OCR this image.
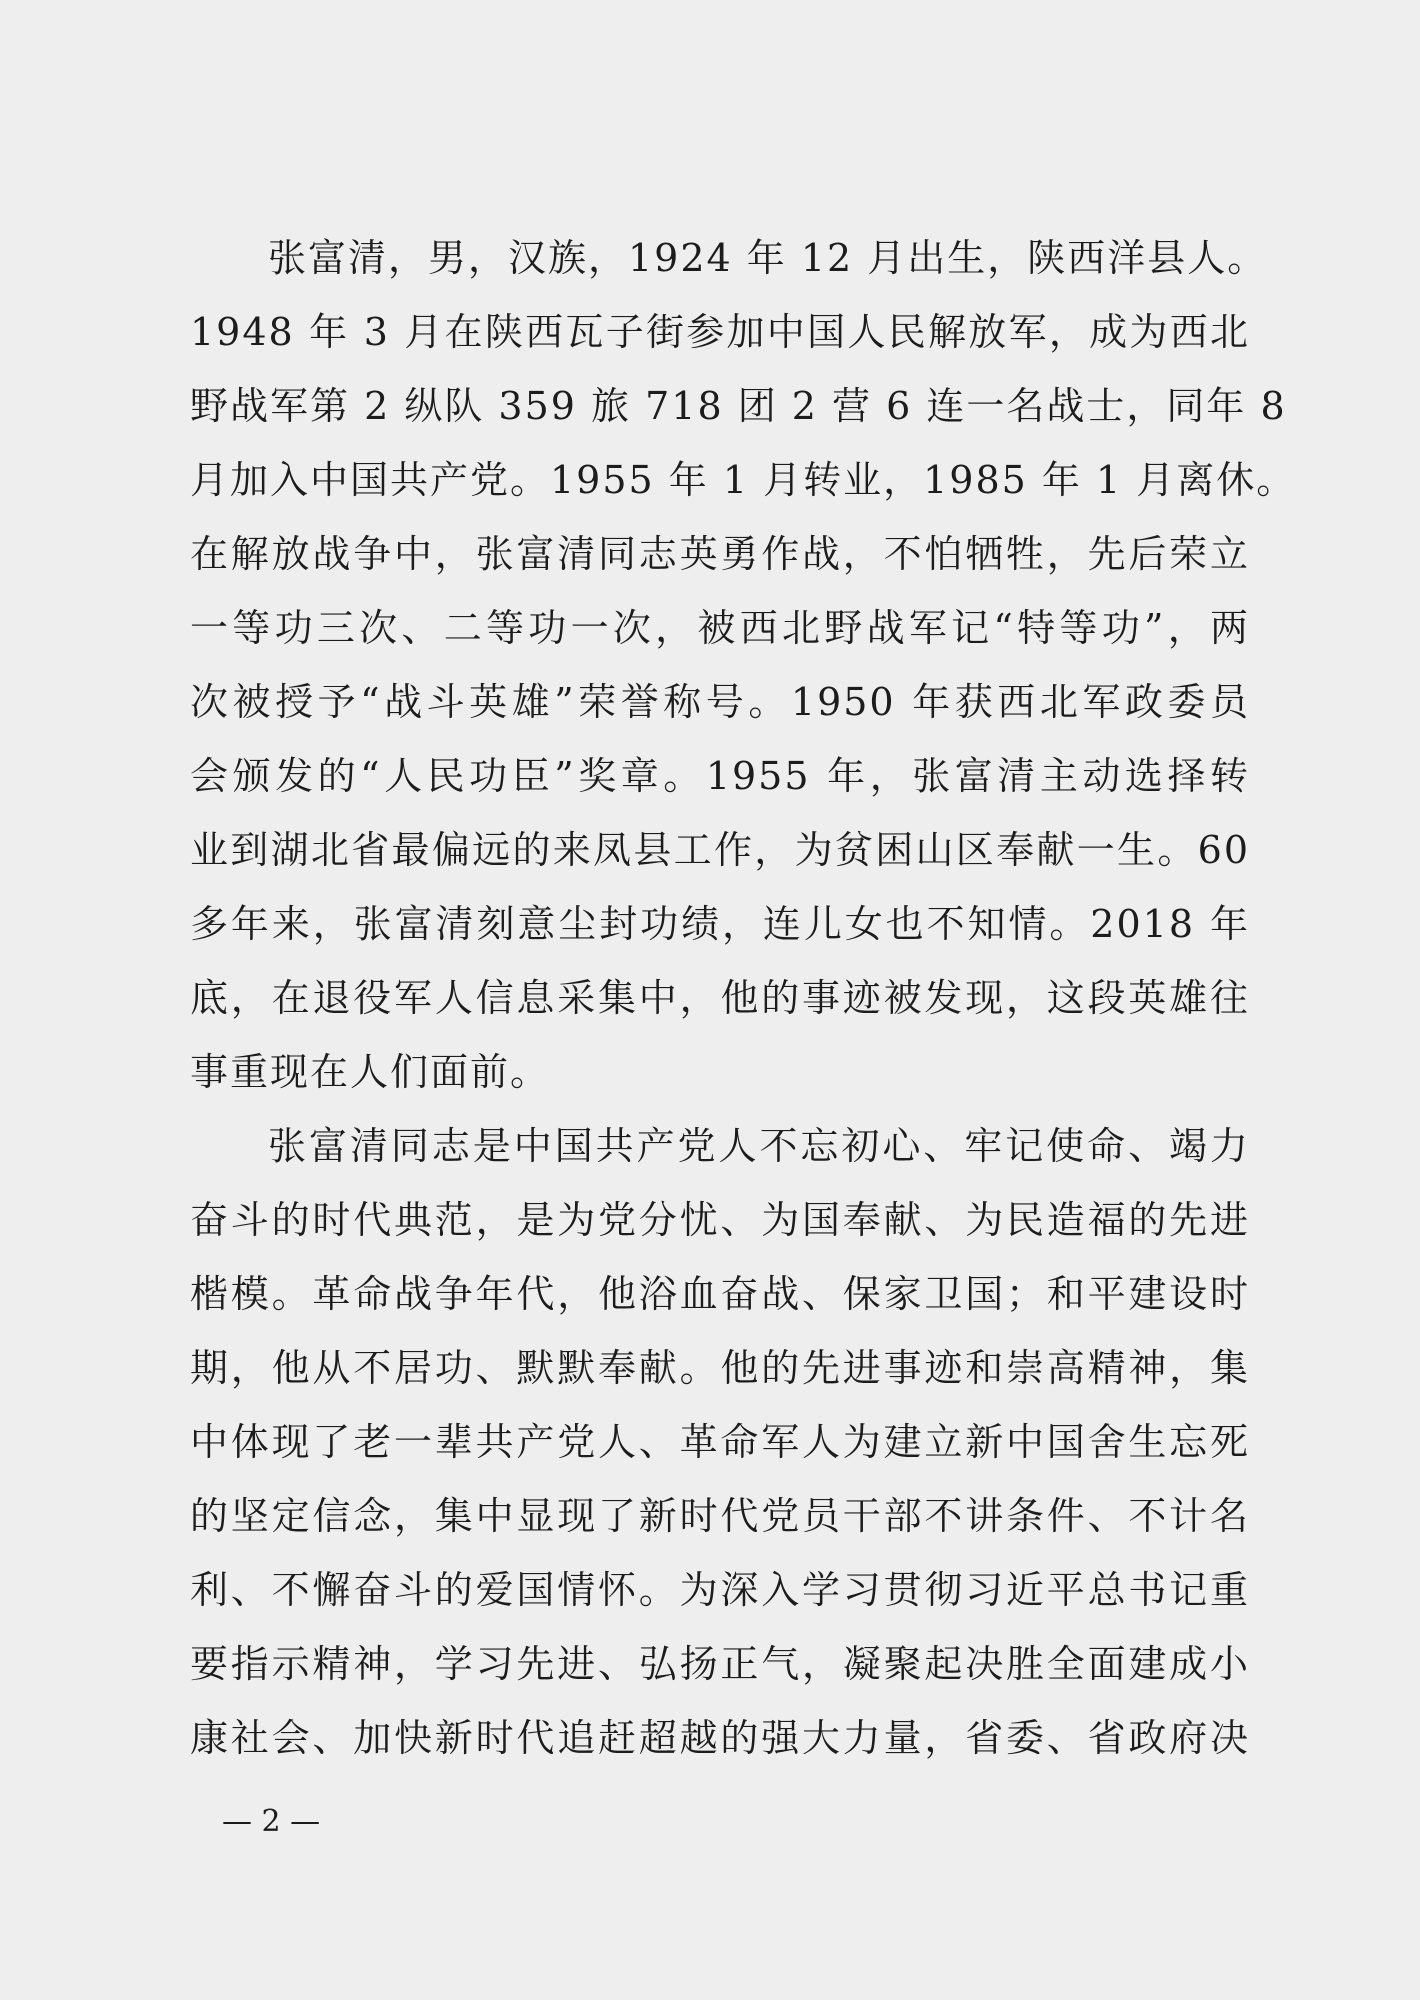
张富清，男，汉族，1924 年 12 月出生，陕西洋县人。
1948 年 3 月在陕西瓦子街参加中国人民解放军，成为西北
野战军第 2 纵队 359 旅 718 团 2 营 6 连一名战士，同年 8
月加入中国共产党。1955 年 1 月转业，1985 年 1 月离休。
在解放战争中，张富清同志英勇作战，不怕牺牲，先后荣立
一等功三次、二等功一次，被西北野战军记“特等功”，两
次被授予“战斗英雄”荣誉称号。1950 年获西北军政委员
会颁发的“人民功臣”奖章。1955 年，张富清主动选择转
业到湖北省最偏远的来凤县工作，为贫困山区奉献一生。60
多年来，张富清刻意尘封功绩，连儿女也不知情。2018 年
底，在退役军人信息采集中，他的事迹被发现，这段英雄往
事重现在人们面前。
张富清同志是中国共产党人不忘初心、牢记使命、竭力
奋斗的时代典范，是为党分忧、为国奉献、为民造福的先进
楷模。革命战争年代，他浴血奋战、保家卫国；和平建设时
期，他从不居功、默默奉献。他的先进事迹和崇高精神，集
中体现了老一辈共产党人、革命军人为建立新中国舍生忘死
的坚定信念，集中显现了新时代党员干部不讲条件、不计名
利、不懈奋斗的爱国情怀。为深入学习贯彻习近平总书记重
要指示精神，学习先进、弘扬正气，凝聚起决胜全面建成小
康社会、加快新时代追赶超越的强大力量，省委、省政府决
— 2 —
